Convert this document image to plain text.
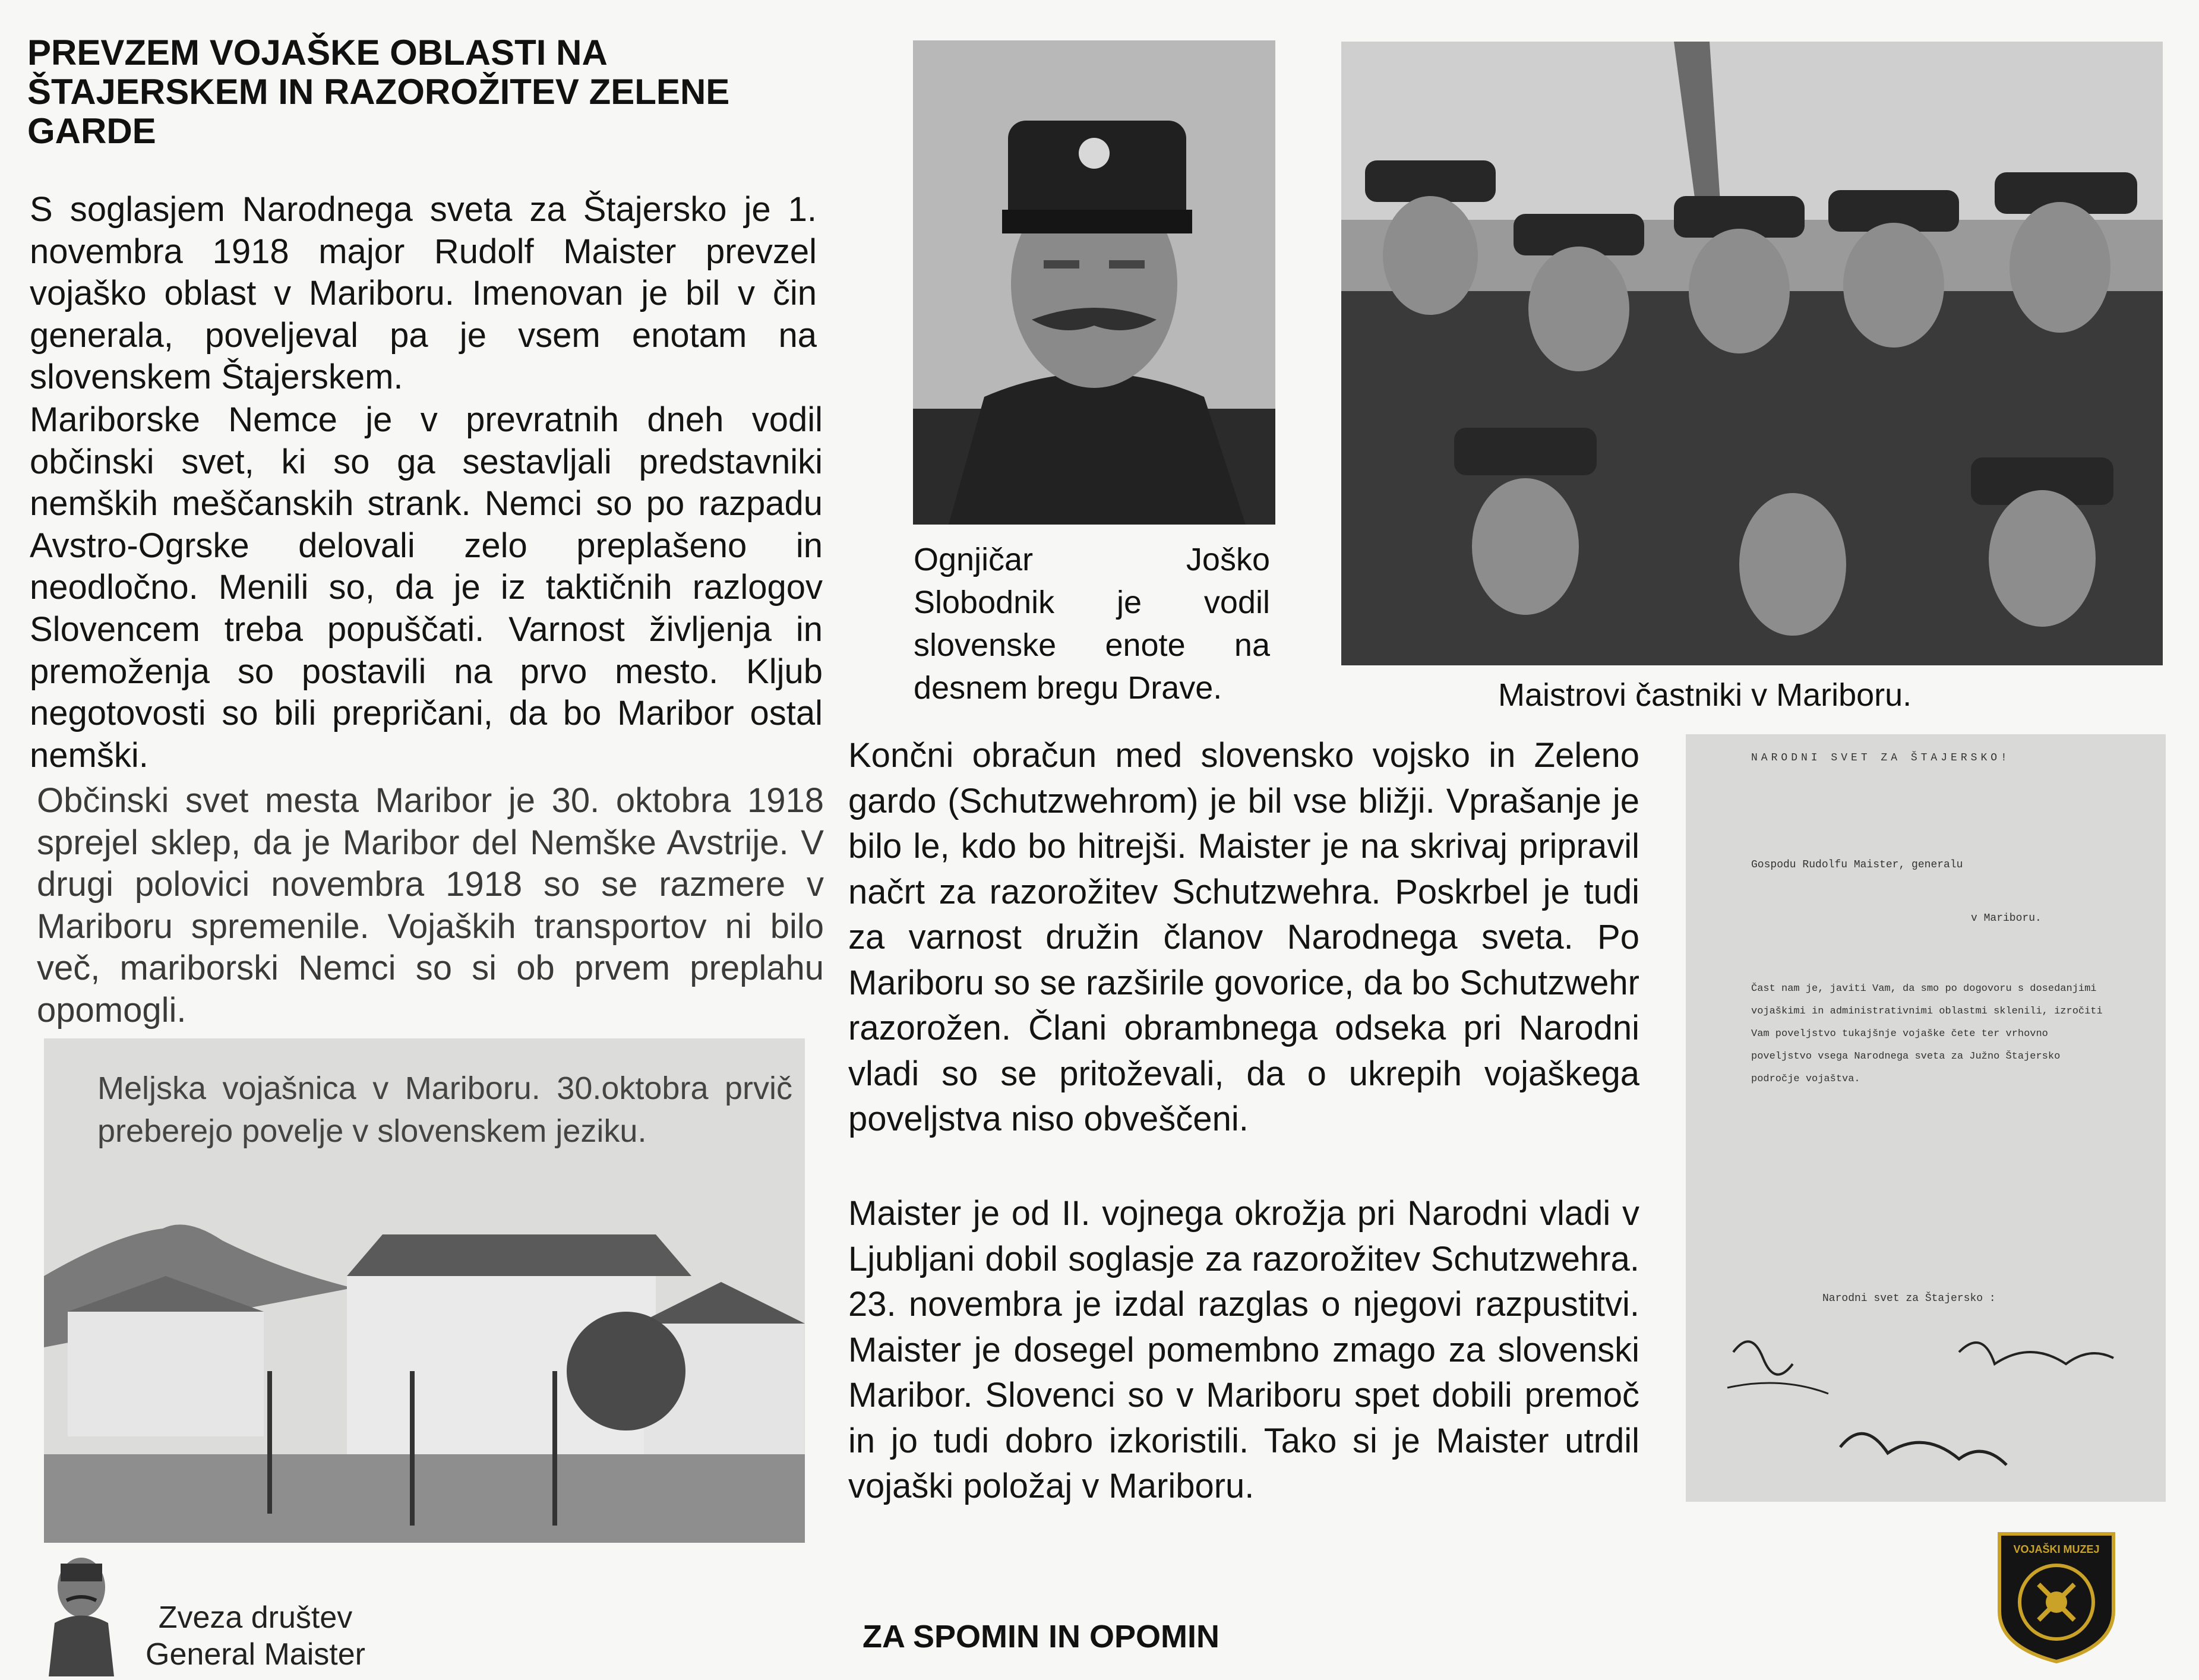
PREVZEM VOJAŠKE OBLASTI NA ŠTAJERSKEM IN RAZOROŽITEV ZELENE GARDE

S soglasjem Narodnega sveta za Štajersko je 1. novembra 1918 major Rudolf Maister prevzel vojaško oblast v Mariboru. Imenovan je bil v čin generala, poveljeval pa je vsem enotam na slovenskem Štajerskem.

Mariborske Nemce je v prevratnih dneh vodil občinski svet, ki so ga sestavljali predstavniki nemških meščanskih strank. Nemci so po razpadu Avstro-Ogrske delovali zelo preplašeno in neodločno. Menili so, da je iz taktičnih razlogov Slovencem treba popuščati. Varnost življenja in premoženja so postavili na prvo mesto. Kljub negotovosti so bili prepričani, da bo Maribor ostal nemški.

Občinski svet mesta Maribor je 30. oktobra 1918 sprejel sklep, da je Maribor del Nemške Avstrije. V drugi polovici novembra 1918 so se razmere v Mariboru spremenile. Vojaških transportov ni bilo več, mariborski Nemci so si ob prvem preplahu opomogli.

Ognjičar Joško Slobodnik je vodil slovenske enote na desnem bregu Drave.	Maistrovi častniki v Mariboru.

Končni obračun med slovensko vojsko in Zeleno gardo (Schutzwehrom) je bil vse bližji. Vprašanje je bilo le, kdo bo hitrejši. Maister je na skrivaj pripravil načrt za razorožitev Schutzwehra. Poskrbel je tudi za varnost družin članov Narodnega sveta. Po Mariboru so se razširile govorice, da bo Schutzwehr razorožen. Člani obrambnega odseka pri Narodni vladi so se pritoževali, da o ukrepih vojaškega poveljstva niso obveščeni.

Maister je od II. vojnega okrožja pri Narodni vladi v Ljubljani dobil soglasje za razorožitev Schutzwehra. 23. novembra je izdal razglas o njegovi razpustitvi. Maister je dosegel pomembno zmago za slovenski Maribor. Slovenci so v Mariboru spet dobili premoč in jo tudi dobro izkoristili. Tako si je Maister utrdil vojaški položaj v Mariboru.

NARODNI SVET ZA ŠTAJERSKO!
Gospodu Rudolfu Maister, generalu
v Mariboru.
Čast nam je, javiti Vam, da smo po dogovoru s dosedanjimi vojaškimi in administrativnimi oblastmi sklenili, izročiti Vam poveljstvo tukajšnje vojaške čete ter vrhovno poveljstvo vsega Narodnega sveta za Južno Štajersko področje vojaštva.
Narodni svet za Štajersko :

Meljska vojašnica v Mariboru. 30.oktobra prvič preberejo povelje v slovenskem jeziku.

Zveza društev
General Maister	ZA SPOMIN IN OPOMIN
VOJAŠKI MUZEJ
